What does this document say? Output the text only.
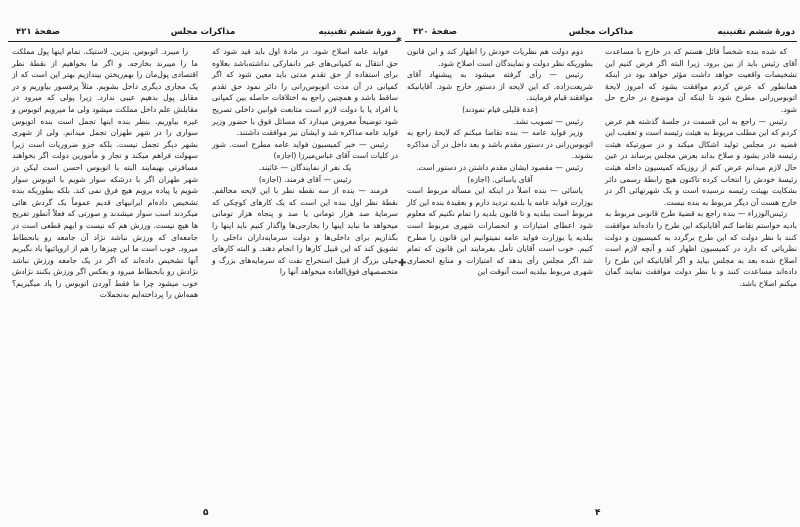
دورهٔ ششم تقنینیه
مذاکرات مجلس
صفحهٔ ۴۲۱

فواید عامه اصلاح شود. در مادهٔ اول باید قید شود که حق انتقال به کمپانی‌های غیر دانمارکی نداشته‌باشد بعلاوه برای استفاده از حق تقدم مدتی باید معین شود که اگر کمپانی در آن مدت اتوبوس‌رانی را دائر نمود حق تقدم ساقط باشد و همچنین راجع به اختلافات حاصله بین کمپانی با افراد یا با دولت لازم است متابعت قوانین داخلی تصریح شود توضیحاً معروض میدارد که مسائل فوق با حضور وزیر فواید عامه مذاکره شد و ایشان نیز موافقت داشتند.

رئیس — خبر کمیسیون فواید عامه مطرح است. شور در کلیات است آقای عباس‌میرزا (اجازه)

یک نفر از نمایندگان — غائبند.

رئیس — آقای فرمند. (اجازه)

فرمند — بنده از سه نقطه نظر با این لایحه مخالفم. نقطهٔ نظر اول بنده این است که یک کارهای کوچکی که سرمایهٔ صد هزار تومانی یا صد و پنجاه هزار تومانی میخواهد ما نباید اینها را بخارجی‌ها واگذار کنیم باید اینها را بگذاریم برای داخلی‌ها و دولت سرمایه‌داران داخلی را تشویق کند که این قبیل کارها را انجام دهند. و البته کارهای خیلی بزرگ از قبیل استخراج نفت که سرمایه‌های بزرگ و متخصصهای فوق‌العاده میخواهد آنها را

را میبرد. اتوبوس. بنزین. لاستیک. تمام اینها پول مملکت ما را میبرند بخارجه. و اگر ما بخواهیم از نقطهٔ نظر اقتصادی پول‌مان را بهم‌ریختن بیندازیم بهتر این است که از یک مجاری دیگری داخل بشویم. مثلاً پرفسور بیاوریم و در مقابل پول بدهیم عیبی ندارد. زیرا پولی که میرود در مقابلش علم داخل مملکت میشود ولی ما میرویم اتوبوس و غیره بیاوریم. بنظر بنده اینها تجمل است بنده اتوبوس سواری را در شهر طهران تجمل میدانم. ولی از شهری بشهر دیگر تجمل نیست. بلکه جزو ضروریات است زیرا سهولت فراهم میکند و تجار و مأمورین دولت اگر بخواهند مسافرتی بهیمایند البته با اتوبوس احسن است لیکن در شهر طهران اگر با درشکه سوار شویم با اتوبوس سوار شویم یا پیاده برویم هیچ فرق نمی کند. بلکه بطوریکه بنده تشخیص داده‌ام ایرانیهای قدیم عموماً یک گردش هائی میکردند اسب سوار میشدند و صورتی که فعلاً آنطور تفریح ها هیچ نیست. ورزش هم که نیست و ابهم قطعی است در جامعه‌ای که ورزش نباشد نژاد آن جامعه رو بانحطاط میرود. خوب است ما این چیزها را هم از اروپائیها یاد بگیریم آنها تشخیص داده‌اند که اگر در یک جامعه ورزش نباشد نژادش رو بانحطاط میرود و بعکس اگر ورزش بکنند نژادش خوب میشود چرا ما فقط آوردن اتوبوس را یاد میگیریم؟ همه‌اش را پرداخته‌ایم به‌تجملات

۵
✱
✚
دورهٔ ششم تقنینیه
مذاکرات مجلس
صفحهٔ ۴۲۰

که شده بنده شخصاً قائل هستم که در خارج با مساعدت آقای رئیس باید از بین برود. زیرا البته اگر فرض کنیم این تشخیصات واقعیت خواهد داشت مؤثر خواهد بود در اینکه همانطور که عرض کردم موافقت بشود که امروز لایحهٔ اتوبوس‌رانی مطرح شود تا اینکه آن موضوع در خارج حل شود.

رئیس — راجع به این قسمت در جلسهٔ گذشته هم عرض کردم که این مطلب مربوط به هیئت رئیسه است و تعقیب این قضیه در مجلس تولید اشکال میکند و در صورتیکه هیئت رئیسه قادر بشود و صلاح بداند بعرض مجلس برساند در عین حال لازم میدانم عرض کنم از روزیکه کمیسیون داخله هیئت رئیسهٔ خودش را انتخاب کرده تاکنون هیچ رابطهٔ رسمی دائر بشکایت بهیئت رئیسه نرسیده است و یک شهرتهائی اگر در خارج هست آن دیگر مربوط به بنده نیست.

رئیس‌الوزراء — بنده راجع به قضیهٔ طرح قانونی مربوط به بادیه خواستم تقاضا کنم آقایانیکه این طرح را داده‌اند موافقت کنند با نظر دولت که این طرح برگردد به کمیسیون و دولت نظریاتی که دارد در کمیسیون اظهار کند و آنچه لازم است اصلاح شده بعد به مجلس بیاید و اگر آقایانیکه این طرح را داده‌اند مساعدت کنند و با نظر دولت موافقت نمایند گمان میکنم اصلاح باشد.

دوم دولت هم نظریات خودش را اظهار کند و این قانون بطوریکه نظر دولت و نمایندگان است اصلاح شود.

رئیس — رأی گرفته میشود به پیشنهاد آقای شریعت‌زاده. که این لایحه از دستور خارج شود. آقایانیکه موافقند قیام فرمایند.

(عدهٔ قلیلی قیام نمودند)

رئیس — تصویب نشد.

وزیر فواید عامه — بنده تقاضا میکنم که لایحهٔ راجع به اتوبوس‌رانی در دستور مقدم باشد و بعد داخل در آن مذاکره بشوند.

رئیس — مقصود ایشان مقدم داشتن در دستور است.

آقای یاسائی. (اجازه)

یاسائی — بنده اصلاً در اینکه این مسأله مربوط است بوزارت فواید عامه یا بلدیه تردید دارم و بعقیدهٔ بنده این کار مربوط است ببلدیه و تا قانون بلدیه را تمام نکنیم که معلوم شود اعطای امتیازات و انحصارات شهری مربوط است ببلدیه یا بوزارت فواید عامه نمیتوانیم این قانون را مطرح کنیم. خوب است آقایان تأمل بفرمایند این قانون که تمام شد اگر مجلس رأی بدهد که امتیازات و منابع انحصاری شهری مربوط ببلدیه است آنوقت این

۴
